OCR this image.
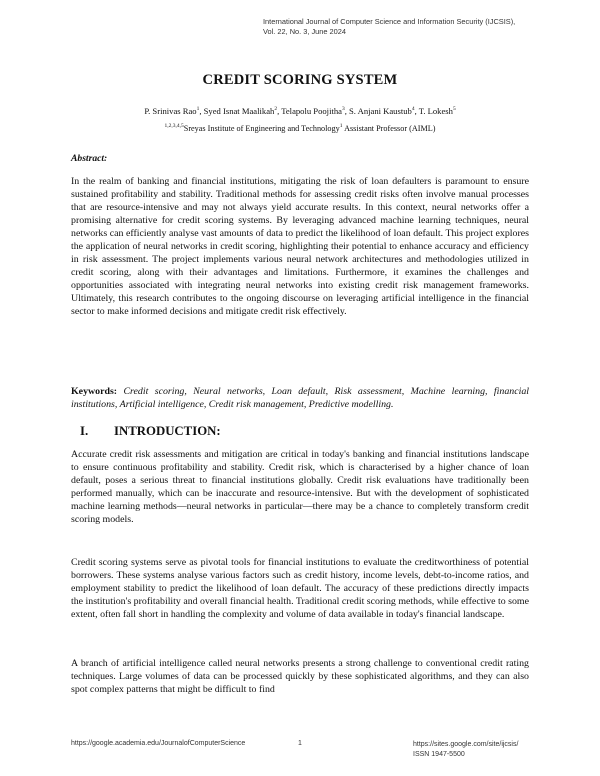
International Journal of Computer Science and Information Security (IJCSIS),
Vol. 22, No. 3, June 2024
CREDIT SCORING SYSTEM
P. Srinivas Rao$^1$, Syed Isnat Maalikah$^2$, Telapolu Poojitha$^3$, S. Anjani Kaustub$^4$, T. Lokesh$^5$
$^{1,2,3,4,5}$Sreyas Institute of Engineering and Technology$^1$ Assistant Professor (AIML)
Abstract:

In the realm of banking and financial institutions, mitigating the risk of loan defaulters is paramount to ensure sustained profitability and stability. Traditional methods for assessing credit risks often involve manual processes that are resource-intensive and may not always yield accurate results. In this context, neural networks offer a promising alternative for credit scoring systems. By leveraging advanced machine learning techniques, neural networks can efficiently analyse vast amounts of data to predict the likelihood of loan default. This project explores the application of neural networks in credit scoring, highlighting their potential to enhance accuracy and efficiency in risk assessment. The project implements various neural network architectures and methodologies utilized in credit scoring, along with their advantages and limitations. Furthermore, it examines the challenges and opportunities associated with integrating neural networks into existing credit risk management frameworks. Ultimately, this research contributes to the ongoing discourse on leveraging artificial intelligence in the financial sector to make informed decisions and mitigate credit risk effectively.

Keywords: Credit scoring, Neural networks, Loan default, Risk assessment, Machine learning, financial institutions, Artificial intelligence, Credit risk management, Predictive modelling.
I. INTRODUCTION:

Accurate credit risk assessments and mitigation are critical in today's banking and financial institutions landscape to ensure continuous profitability and stability. Credit risk, which is characterised by a higher chance of loan default, poses a serious threat to financial institutions globally. Credit risk evaluations have traditionally been performed manually, which can be inaccurate and resource-intensive. But with the development of sophisticated machine learning methods—neural networks in particular—there may be a chance to completely transform credit scoring models.

Credit scoring systems serve as pivotal tools for financial institutions to evaluate the creditworthiness of potential borrowers. These systems analyse various factors such as credit history, income levels, debt-to-income ratios, and employment stability to predict the likelihood of loan default. The accuracy of these predictions directly impacts the institution's profitability and overall financial health. Traditional credit scoring methods, while effective to some extent, often fall short in handling the complexity and volume of data available in today's financial landscape.

A branch of artificial intelligence called neural networks presents a strong challenge to conventional credit rating techniques. Large volumes of data can be processed quickly by these sophisticated algorithms, and they can also spot complex patterns that might be difficult to find

https://google.academia.edu/JournalofComputerScience	1	https://sites.google.com/site/ijcsis/
ISSN 1947-5500
